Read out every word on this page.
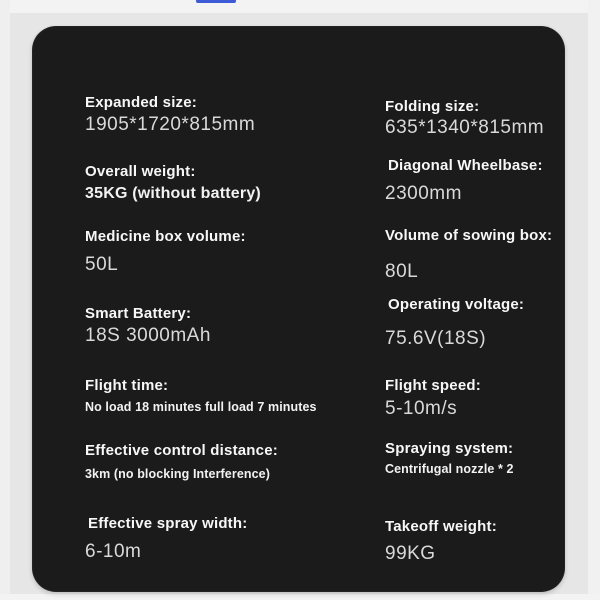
Expanded size:
1905*1720*815mm
Overall weight:
35KG (without battery)
Medicine box volume:
50L
Smart Battery:
18S 3000mAh
Flight time:
No load 18 minutes full load 7 minutes
Effective control distance:
3km (no blocking Interference)
Effective spray width:
6-10m
Folding size:
635*1340*815mm
Diagonal Wheelbase:
2300mm
Volume of sowing box:
80L
Operating voltage:
75.6V(18S)
Flight speed:
5-10m/s
Spraying system:
Centrifugal nozzle * 2
Takeoff weight:
99KG
